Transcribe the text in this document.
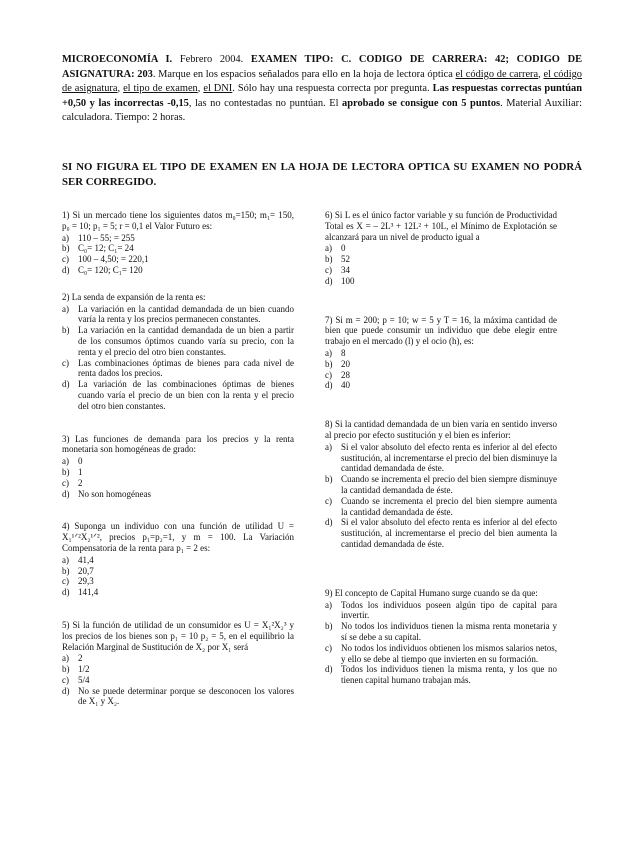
MICROECONOMÍA I. Febrero 2004. EXAMEN TIPO: C. CODIGO DE CARRERA: 42; CODIGO DE ASIGNATURA: 203. Marque en los espacios señalados para ello en la hoja de lectora óptica el código de carrera, el código de asignatura, el tipo de examen, el DNI. Sólo hay una respuesta correcta por pregunta. Las respuestas correctas puntúan +0,50 y las incorrectas -0,15, las no contestadas no puntúan. El aprobado se consigue con 5 puntos. Material Auxiliar: calculadora. Tiempo: 2 horas.
SI NO FIGURA EL TIPO DE EXAMEN EN LA HOJA DE LECTORA OPTICA SU EXAMEN NO PODRÁ SER CORREGIDO.
1) Si un mercado tiene los siguientes datos m₀=150; m₁= 150, p₀ = 10; p₁ = 5; r = 0,1 el Valor Futuro es:
a)	110 – 55; = 255
b) C₀= 12; C₁= 24
c)	100 – 4,50; = 220,1
d) C₀= 120; C₁= 120
2) La senda de expansión de la renta es:
a)	La variación en la cantidad demandada de un bien cuando varía la renta y los precios permanecen constantes.
b) La variación en la cantidad demandada de un bien a partir de los consumos óptimos cuando varía su precio, con la renta y el precio del otro bien constantes.
c)	Las combinaciones óptimas de bienes para cada nivel de renta dados los precios.
d) La variación de las combinaciones óptimas de bienes cuando varía el precio de un bien con la renta y el precio del otro bien constantes.
3) Las funciones de demanda para los precios y la renta monetaria son homogéneas de grado:
a)	0
b) 1
c)	2
d) No son homogéneas
4) Suponga un individuo con una función de utilidad U = X₁¹ᐟ²X₂¹ᐟ², precios p₁=p₂=1, y m = 100. La Variación Compensatoria de la renta para p₁ = 2 es:
a)	41,4
b) 20,7
c)	29,3
d) 141,4
5) Si la función de utilidad de un consumidor es U = X₁²X₂³ y los precios de los bienes son p₁ = 10 p₂ = 5, en el equilibrio la Relación Marginal de Sustitución de X₂ por X₁ será
a)	2
b) 1/2
c)	5/4
d) No se puede determinar porque se desconocen los valores de X₁ y X₂.
6) Si L es el único factor variable y su función de Productividad Total es X = – 2L³ + 12L² + 10L, el Mínimo de Explotación se alcanzará para un nivel de producto igual a
a)	0
b) 52
c)	34
d) 100
7) Si m = 200; p = 10; w = 5 y T = 16, la máxima cantidad de bien que puede consumir un individuo que debe elegir entre trabajo en el mercado (l) y el ocio (h), es:
a)	8
b) 20
c)	28
d) 40
8) Si la cantidad demandada de un bien varía en sentido inverso al precio por efecto sustitución y el bien es inferior:
a)	Si el valor absoluto del efecto renta es inferior al del efecto sustitución, al incrementarse el precio del bien disminuye la cantidad demandada de éste.
b) Cuando se incrementa el precio del bien siempre disminuye la cantidad demandada de éste.
c)	Cuando se incrementa el precio del bien siempre aumenta la cantidad demandada de éste.
d) Si el valor absoluto del efecto renta es inferior al del efecto sustitución, al incrementarse el precio del bien aumenta la cantidad demandada de éste.
9) El concepto de Capital Humano surge cuando se da que:
a)	Todos los individuos poseen algún tipo de capital para invertir.
b) No todos los individuos tienen la misma renta monetaria y sí se debe a su capital.
c)	No todos los individuos obtienen los mismos salarios netos, y ello se debe al tiempo que invierten en su formación.
d) Todos los individuos tienen la misma renta, y los que no tienen capital humano trabajan más.
